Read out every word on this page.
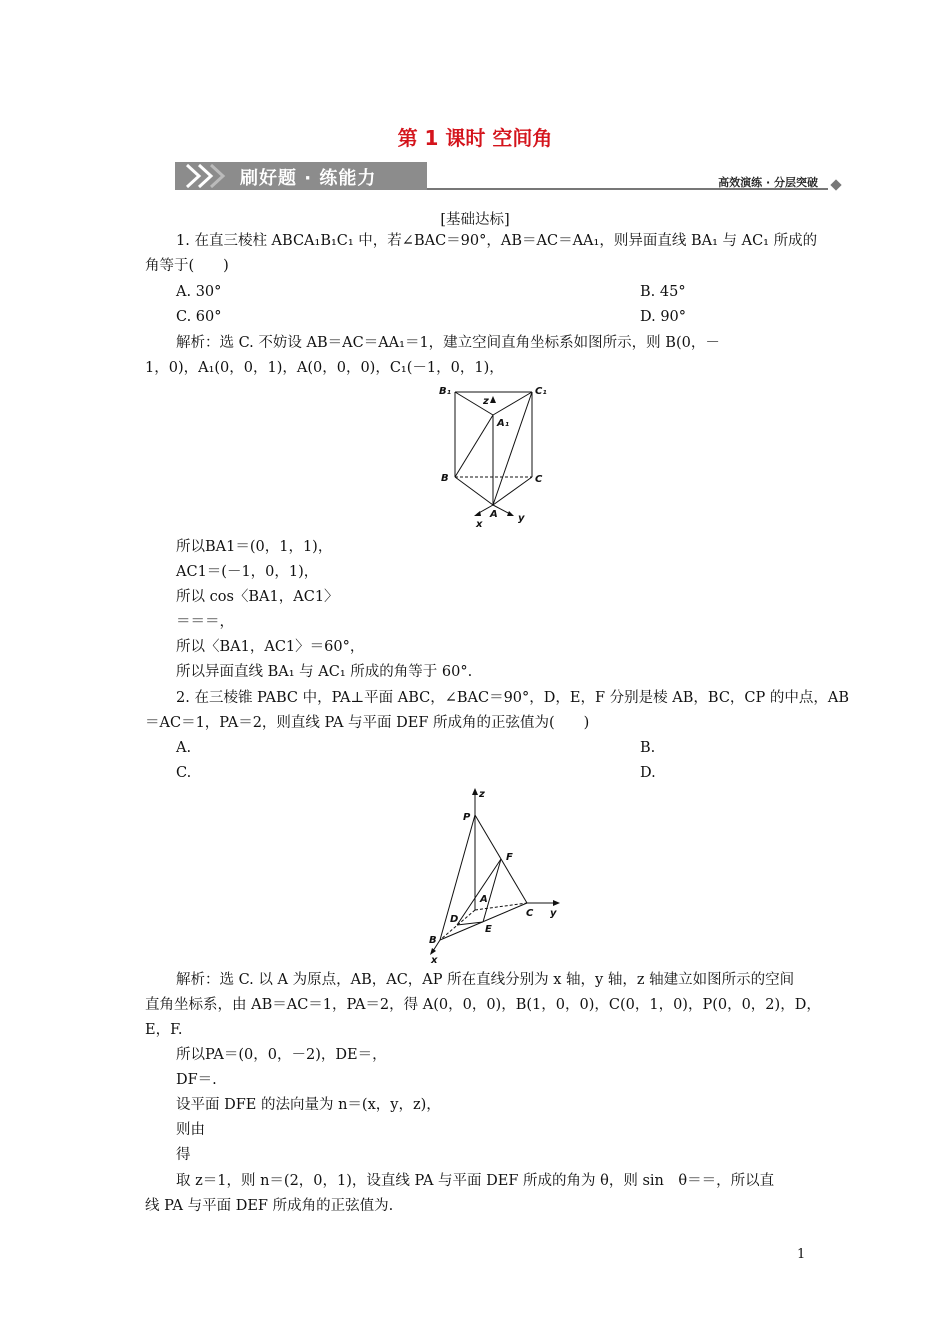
第 1 课时 空间角
刷好题 · 练能力	高效演练 · 分层突破
[基础达标]
1. 在直三棱柱 ABCA₁B₁C₁ 中，若∠BAC＝90°，AB＝AC＝AA₁，则异面直线 BA₁ 与 AC₁ 所成的
角等于(　　)
A. 30°	B. 45°
C. 60°	D. 90°
解析：选 C. 不妨设 AB＝AC＝AA₁＝1，建立空间直角坐标系如图所示，则 B(0，－
1，0)，A₁(0，0，1)，A(0，0，0)，C₁(－1，0，1)，
B₁	C₁
z
A₁
B	C
A
x
y
所以BA1＝(0，1，1)，
AC1＝(－1，0，1)，
所以 cos〈BA1，AC1〉
＝＝＝，
所以〈BA1，AC1〉＝60°，
所以异面直线 BA₁ 与 AC₁ 所成的角等于 60°.
2. 在三棱锥 PABC 中，PA⊥平面 ABC，∠BAC＝90°，D，E，F 分别是棱 AB，BC，CP 的中点，AB
＝AC＝1，PA＝2，则直线 PA 与平面 DEF 所成角的正弦值为(　　)
A.	B.
C.	D.
z
P
F
A
D
C y
E
B
x
解析：选 C. 以 A 为原点，AB，AC，AP 所在直线分别为 x 轴，y 轴，z 轴建立如图所示的空间
直角坐标系，由 AB＝AC＝1，PA＝2，得 A(0，0，0)，B(1，0，0)，C(0，1，0)，P(0，0，2)，D，
E，F.
所以PA＝(0，0，－2)，DE＝，
DF＝.
设平面 DFE 的法向量为 n＝(x，y，z)，
则由
得
取 z＝1，则 n＝(2，0，1)，设直线 PA 与平面 DEF 所成的角为 θ，则 sin　θ＝＝，所以直
线 PA 与平面 DEF 所成角的正弦值为.
1
